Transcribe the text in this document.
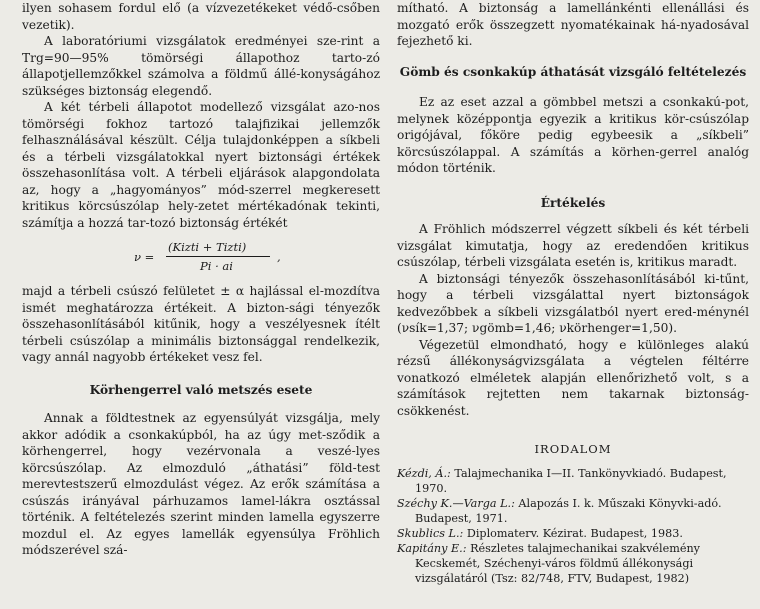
ilyen sohasem fordul elő (a vízvezetékeket védő-csőben vezetik).

A laboratóriumi vizsgálatok eredményei sze-rint a Trg=90—95% tömörségi állapothoz tarto-zó állapotjellemzőkkel számolva a földmű állé-konyságához szükséges biztonság elegendő.

A két térbeli állapotot modellező vizsgálat azo-nos tömörségi fokhoz tartozó talajfizikai jellemzők felhasználásával készült. Célja tulajdonképpen a síkbeli és a térbeli vizsgálatokkal nyert biztonsági értékek összehasonlítása volt. A térbeli eljárások alapgondolata az, hogy a „hagyományos” mód-szerrel megkeresett kritikus körcsúszólap hely-zetet mértékadónak tekinti, számítja a hozzá tar-tozó biztonság értékét

ν =
(Kizti + Tizti)
Pi · ai
,

majd a térbeli csúszó felületet ± α hajlással el-mozdítva ismét meghatározza értékeit. A bizton-sági tényezők összehasonlításából kitűnik, hogy a veszélyesnek ítélt térbeli csúszólap a minimális biztonsággal rendelkezik, vagy annál nagyobb értékeket vesz fel.

Körhengerrel való metszés esete

Annak a földtestnek az egyensúlyát vizsgálja, mely akkor adódik a csonkakúpból, ha az úgy met-sződik a körhengerrel, hogy vezérvonala a veszé-lyes körcsúszólap. Az elmozduló „áthatási” föld-test merevtestszerű elmozdulást végez. Az erők számítása a csúszás irányával párhuzamos lamel-lákra osztással történik. A feltételezés szerint minden lamella egyszerre mozdul el. Az egyes lamellák egyensúlya Fröhlich módszerével szá-

mítható. A biztonság a lamellánkénti ellenállási és mozgató erők összegzett nyomatékainak há-nyadosával fejezhető ki.

Gömb és csonkakúp áthatását vizsgáló feltételezés

Ez az eset azzal a gömbbel metszi a csonkakú-pot, melynek középpontja egyezik a kritikus kör-csúszólap origójával, főköre pedig egybeesik a „síkbeli” körcsúszólappal. A számítás a körhen-gerrel analóg módon történik.

Értékelés

A Fröhlich módszerrel végzett síkbeli és két térbeli vizsgálat kimutatja, hogy az eredendően kritikus csúszólap, térbeli vizsgálata esetén is, kritikus maradt.

A biztonsági tényezők összehasonlításából ki-tűnt, hogy a térbeli vizsgálattal nyert biztonságok kedvezőbbek a síkbeli vizsgálatból nyert ered-ménynél (νsík=1,37; νgömb=1,46; νkörhenger=1,50).

Végezetül elmondható, hogy e különleges alakú rézsű állékonyságvizsgálata a végtelen féltérre vonatkozó elméletek alapján ellenőrizhető volt, s a számítások rejtetten nem takarnak biztonság-csökkenést.

IRODALOM

Kézdi, Á.: Talajmechanika I—II. Tankönyvkiadó. Budapest, 1970.

Széchy K.—Varga L.: Alapozás I. k. Műszaki Könyvki-adó. Budapest, 1971.

Skublics L.: Diplomaterv. Kézirat. Budapest, 1983.

Kapitány E.: Részletes talajmechanikai szakvélemény Kecskemét, Széchenyi-város földmű állékonysági vizsgálatáról (Tsz: 82/748, FTV, Budapest, 1982)
